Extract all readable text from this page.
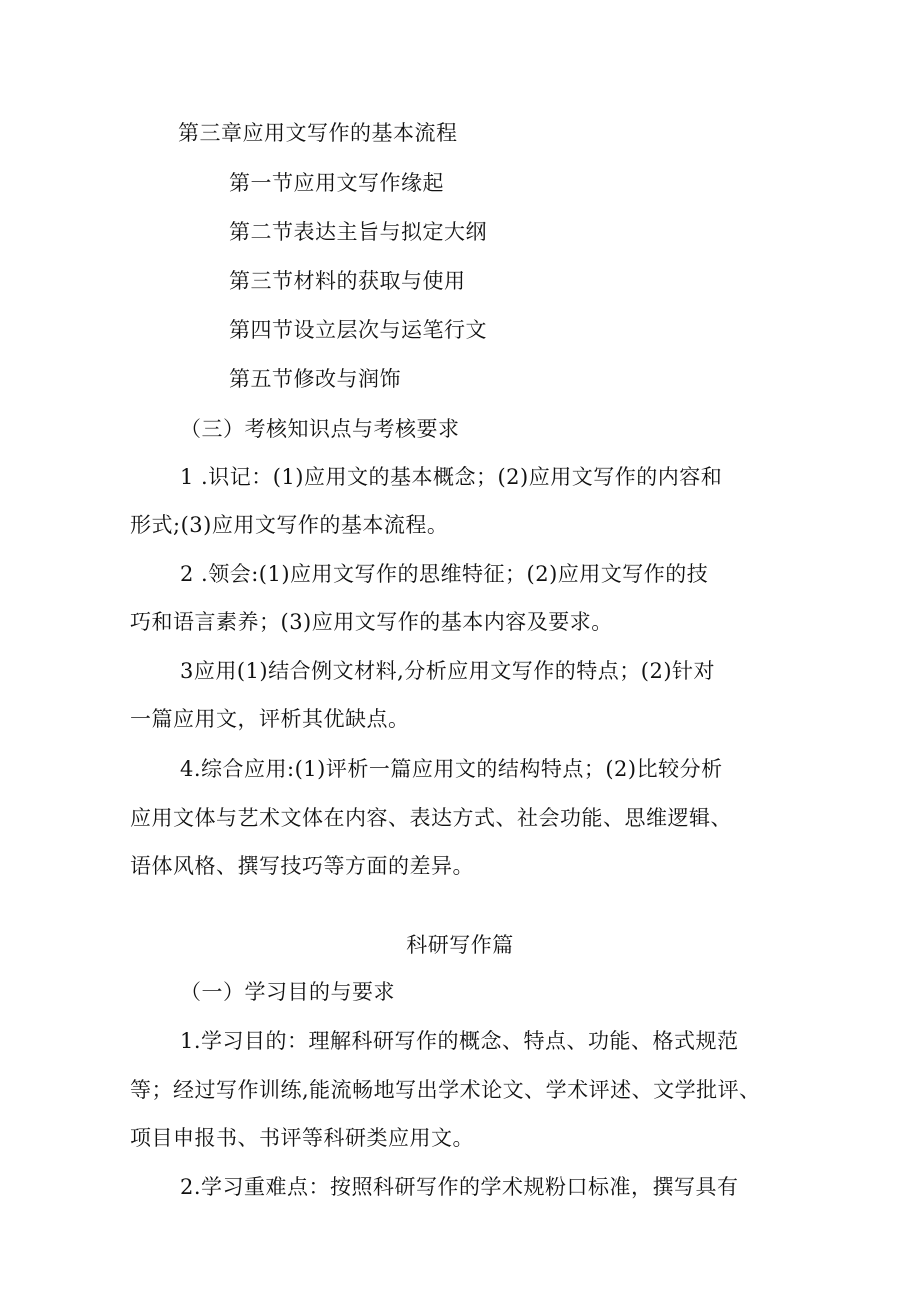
第三章应用文写作的基本流程
第一节应用文写作缘起
第二节表达主旨与拟定大纲
第三节材料的获取与使用
第四节设立层次与运笔行文
第五节修改与润饰
（三）考核知识点与考核要求
1 .识记：(1)应用文的基本概念；(2)应用文写作的内容和
形式;(3)应用文写作的基本流程。
2 .领会:(1)应用文写作的思维特征；(2)应用文写作的技
巧和语言素养；(3)应用文写作的基本内容及要求。
3应用(1)结合例文材料,分析应用文写作的特点；(2)针对
一篇应用文，评析其优缺点。
4.综合应用:(1)评析一篇应用文的结构特点；(2)比较分析
应用文体与艺术文体在内容、表达方式、社会功能、思维逻辑、
语体风格、撰写技巧等方面的差异。
科研写作篇
（一）学习目的与要求
1.学习目的：理解科研写作的概念、特点、功能、格式规范
等；经过写作训练,能流畅地写出学术论文、学术评述、文学批评、
项目申报书、书评等科研类应用文。
2.学习重难点：按照科研写作的学术规粉口标准，撰写具有
